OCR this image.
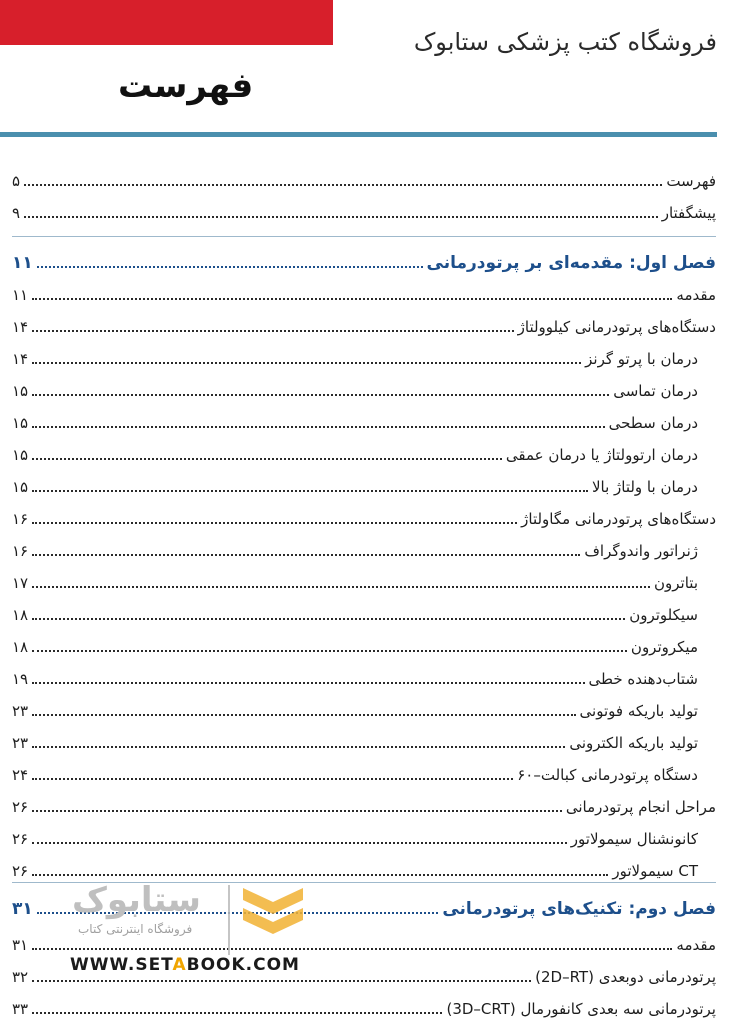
فروشگاه کتب پزشکی ستابوک
فهرست
فهرست
۵
پیشگفتار
۹
فصل اول: مقدمه‌ای بر پرتودرمانی
۱۱
مقدمه
۱۱
دستگاه‌های پرتودرمانی کیلوولتاژ
۱۴
درمان با پرتو گرنز
۱۴
درمان تماسی
۱۵
درمان سطحی
۱۵
درمان ارتوولتاژ یا درمان عمقی
۱۵
درمان با ولتاژ بالا
۱۵
دستگاه‌های پرتودرمانی مگاولتاژ
۱۶
ژنراتور واندوگراف
۱۶
بتاترون
۱۷
سیکلوترون
۱۸
میکروترون
۱۸
شتاب‌دهنده خطی
۱۹
تولید باریکه فوتونی
۲۳
تولید باریکه الکترونی
۲۳
دستگاه پرتودرمانی کبالت–۶۰
۲۴
مراحل انجام پرتودرمانی
۲۶
کانونشنال سیمولاتور
۲۶
CT سیمولاتور
۲۶
فصل دوم: تکنیک‌های پرتودرمانی
۳۱
مقدمه
۳۱
پرتودرمانی دوبعدی (2D–RT)
۳۲
پرتودرمانی سه بعدی کانفورمال (3D–CRT)
۳۳
ستابوک
فروشگاه اینترنتی کتاب
WWW.SETABOOK.COM
